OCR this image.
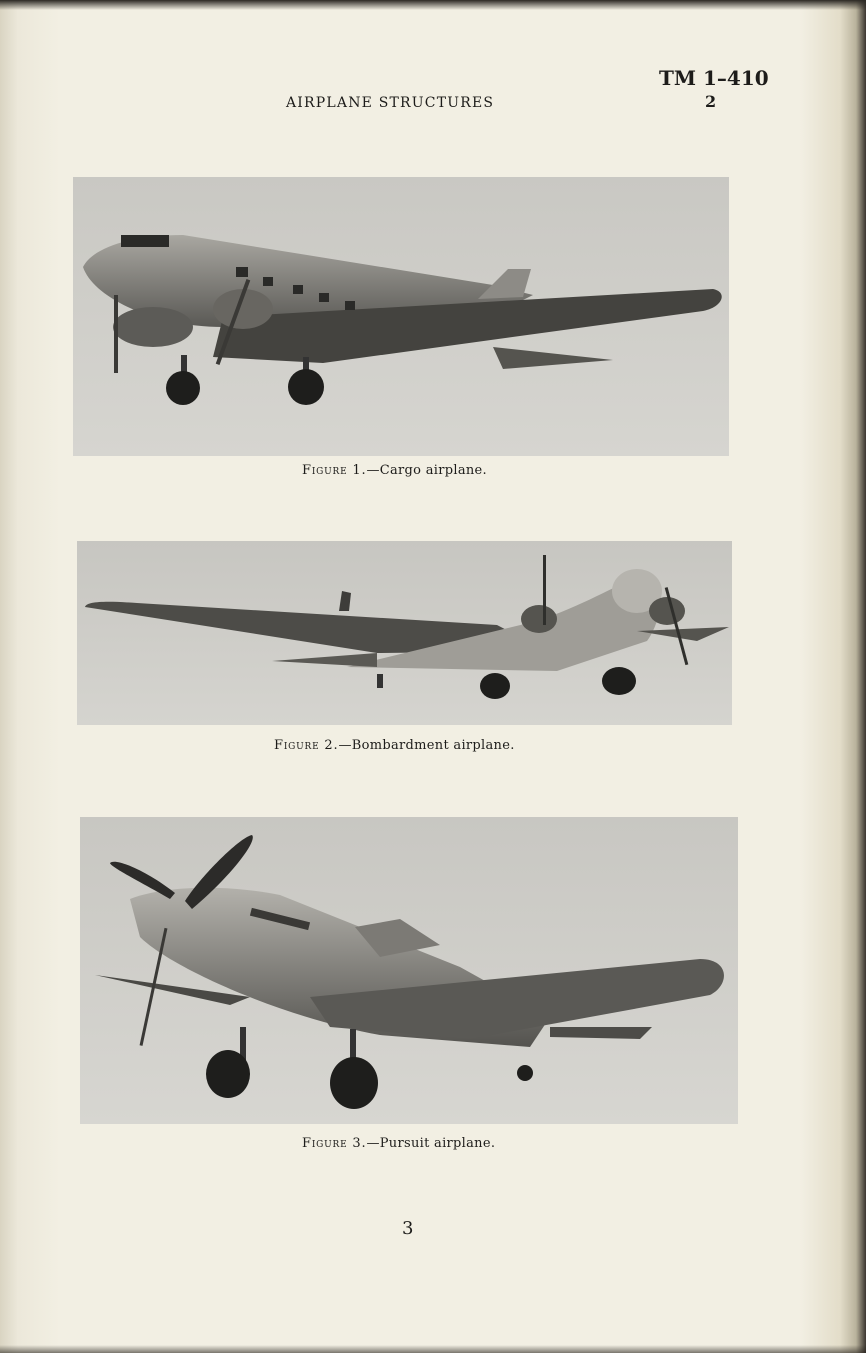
AIRPLANE STRUCTURES
TM 1–410
2
Figure 1.—Cargo airplane.
Figure 2.—Bombardment airplane.
Figure 3.—Pursuit airplane.
3
